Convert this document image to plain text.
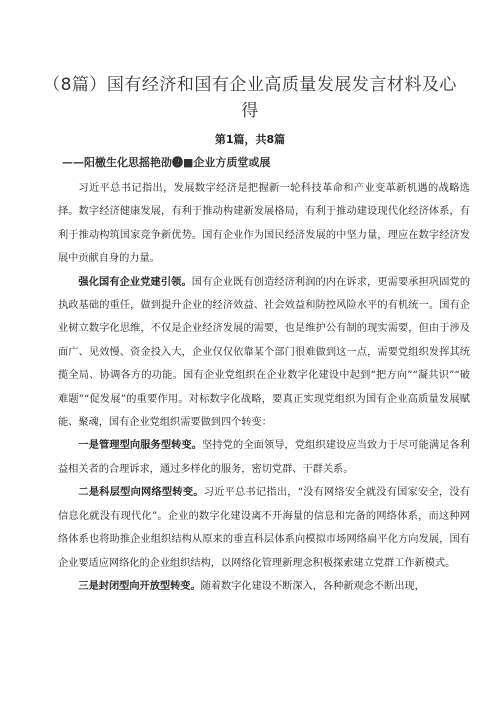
（8篇）国有经济和国有企业高质量发展发言材料及心得
第1篇，共8篇
——阳檄生化思摇艳劭❷■企业方质堂或展

习近平总书记指出，发展数字经济是把握新一轮科技革命和产业变革新机遇的战略选择。数字经济健康发展，有利于推动构建新发展格局，有利于推动建设现代化经济体系，有利于推动构筑国家竞争新优势。国有企业作为国民经济发展的中坚力量，理应在数字经济发展中贡献自身的力量。

强化国有企业党建引领。国有企业既有创造经济利润的内在诉求，更需要承担巩固党的执政基础的重任，做到提升企业的经济效益、社会效益和防控风险水平的有机统一。国有企业树立数字化思维，不仅是企业经济发展的需要，也是维护公有制的现实需要，但由于涉及面广、见效慢、资金投入大，企业仅仅依靠某个部门很难做到这一点，需要党组织发挥其统揽全局、协调各方的功能。国有企业党组织在企业数字化建设中起到“把方向”“凝共识”“破难题”“促发展”的重要作用。对标数字化战略，要真正实现党组织为国有企业高质量发展赋能、聚魂，国有企业党组织需要做到四个转变：

一是管理型向服务型转变。坚持党的全面领导，党组织建设应当致力于尽可能满足各利益相关者的合理诉求，通过多样化的服务，密切党群、干群关系。

二是科层型向网络型转变。习近平总书记指出，“没有网络安全就没有国家安全，没有信息化就没有现代化”。企业的数字化建设离不开海量的信息和完备的网络体系，而这种网络体系也将助推企业组织结构从原来的垂直科层体系向模拟市场网络扁平化方向发展，国有企业要适应网络化的企业组织结构，以网络化管理新理念积极探索建立党群工作新模式。

三是封闭型向开放型转变。随着数字化建设不断深入，各种新观念不断出现，
